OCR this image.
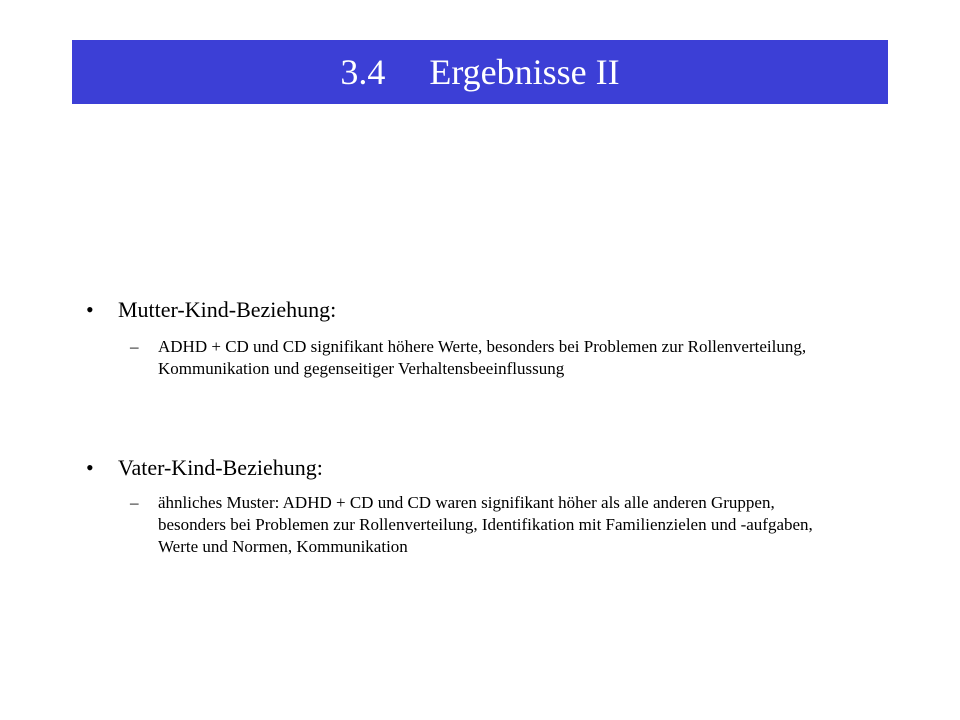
3.4 Ergebnisse II
• Mutter-Kind-Beziehung:
–	ADHD + CD und CD signifikant höhere Werte, besonders bei Problemen zur Rollenverteilung, Kommunikation und gegenseitiger Verhaltensbeeinflussung
• Vater-Kind-Beziehung:
–	ähnliches Muster: ADHD + CD und CD waren signifikant höher als alle anderen Gruppen, besonders bei Problemen zur Rollenverteilung, Identifikation mit Familienzielen und -aufgaben, Werte und Normen, Kommunikation
